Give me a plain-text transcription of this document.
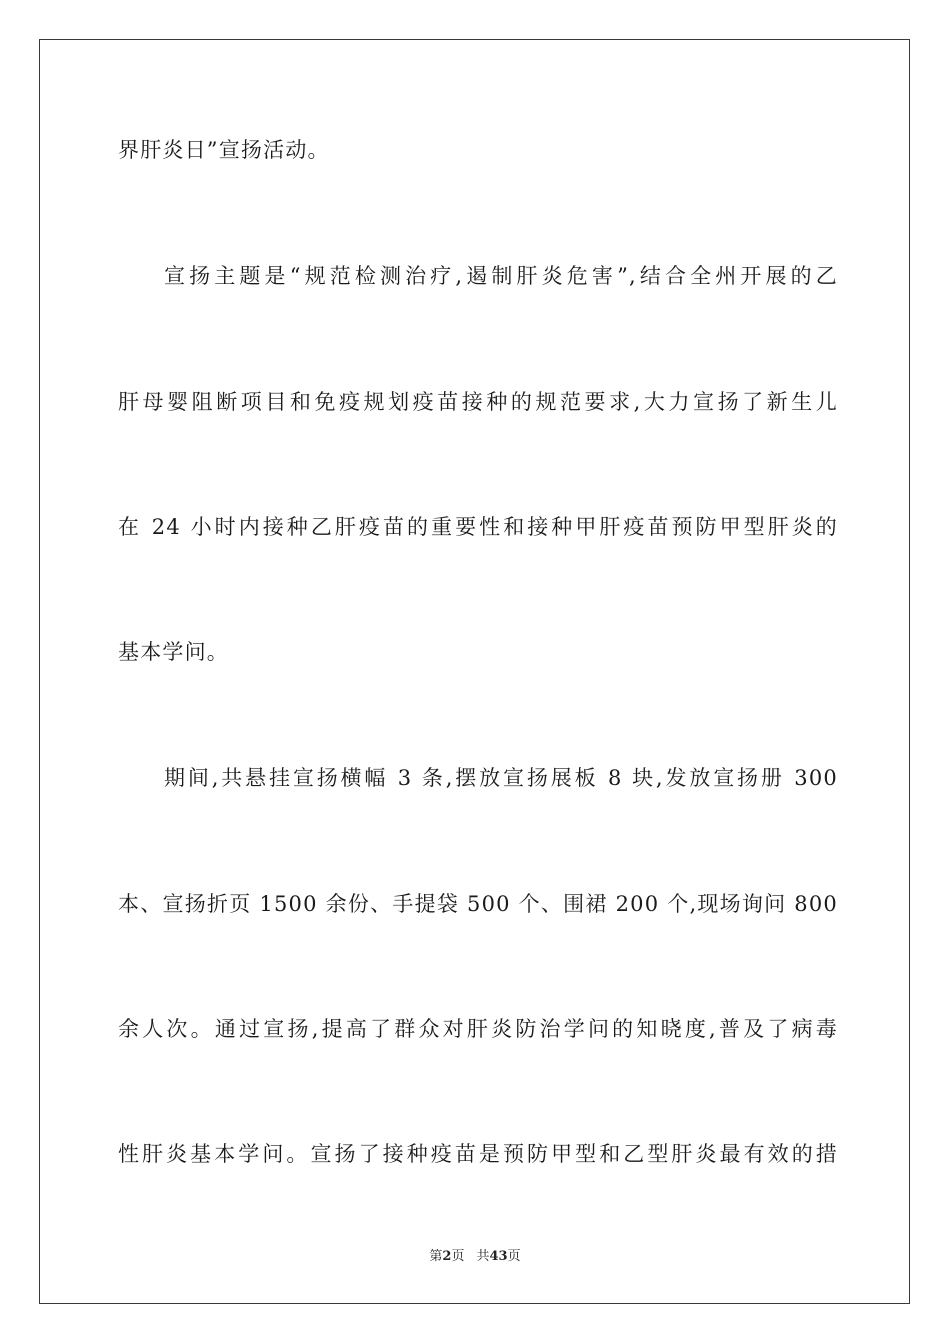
界肝炎日”宣扬活动。
宣扬主题是“规范检测治疗,遏制肝炎危害”,结合全州开展的乙
肝母婴阻断项目和免疫规划疫苗接种的规范要求,大力宣扬了新生儿
在 24 小时内接种乙肝疫苗的重要性和接种甲肝疫苗预防甲型肝炎的
基本学问。
期间,共悬挂宣扬横幅 3 条,摆放宣扬展板 8 块,发放宣扬册 300
本、宣扬折页 1500 余份、手提袋 500 个、围裙 200 个,现场询问 800
余人次。通过宣扬,提高了群众对肝炎防治学问的知晓度,普及了病毒
性肝炎基本学问。宣扬了接种疫苗是预防甲型和乙型肝炎最有效的措
第2页 共43页
